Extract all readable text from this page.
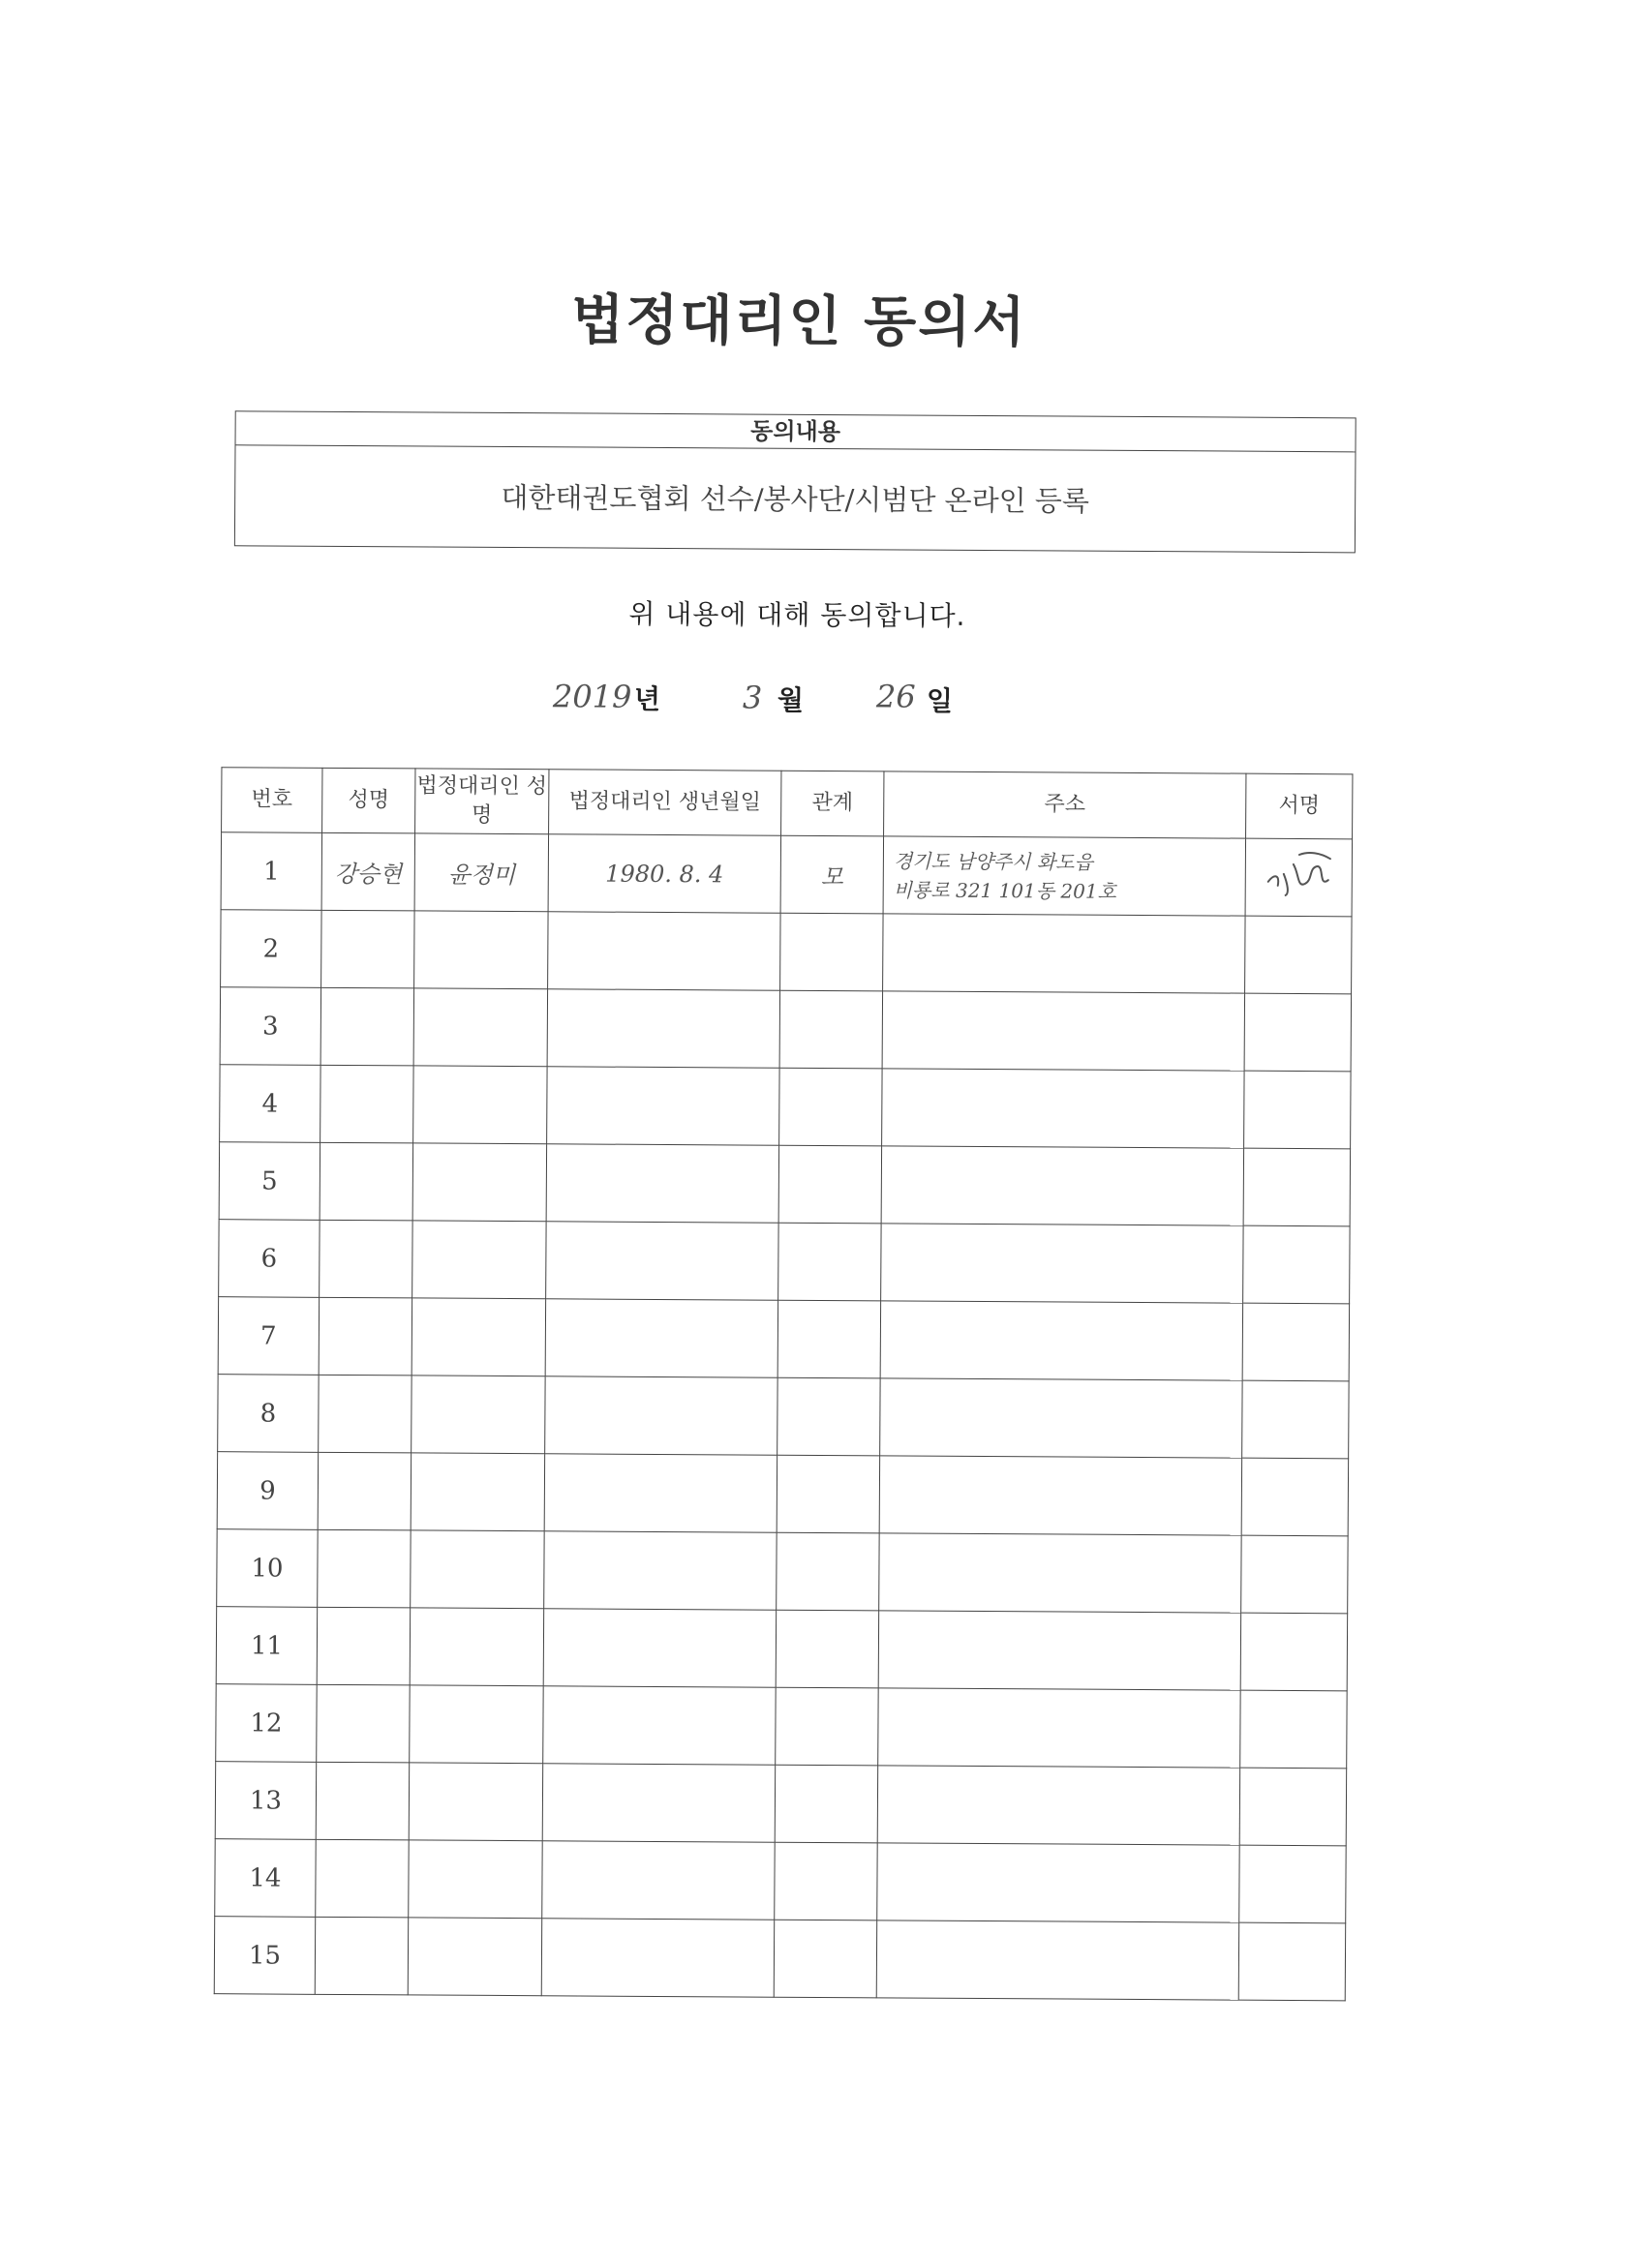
법정대리인 동의서
동의내용
대한태권도협회 선수/봉사단/시범단 온라인 등록
위 내용에 대해 동의합니다.
2019 년	3 월 26 일
번호	성명	법정대리인 성명	법정대리인 생년월일	관계	주소	서명
1	강승현	윤정미	1980. 8. 4	모	경기도 남양주시 화도읍
비룡로 321 101동 201호

2						
3						
4						
5						
6						
7						
8						
9						
10						
11						
12						
13						
14						
15						
